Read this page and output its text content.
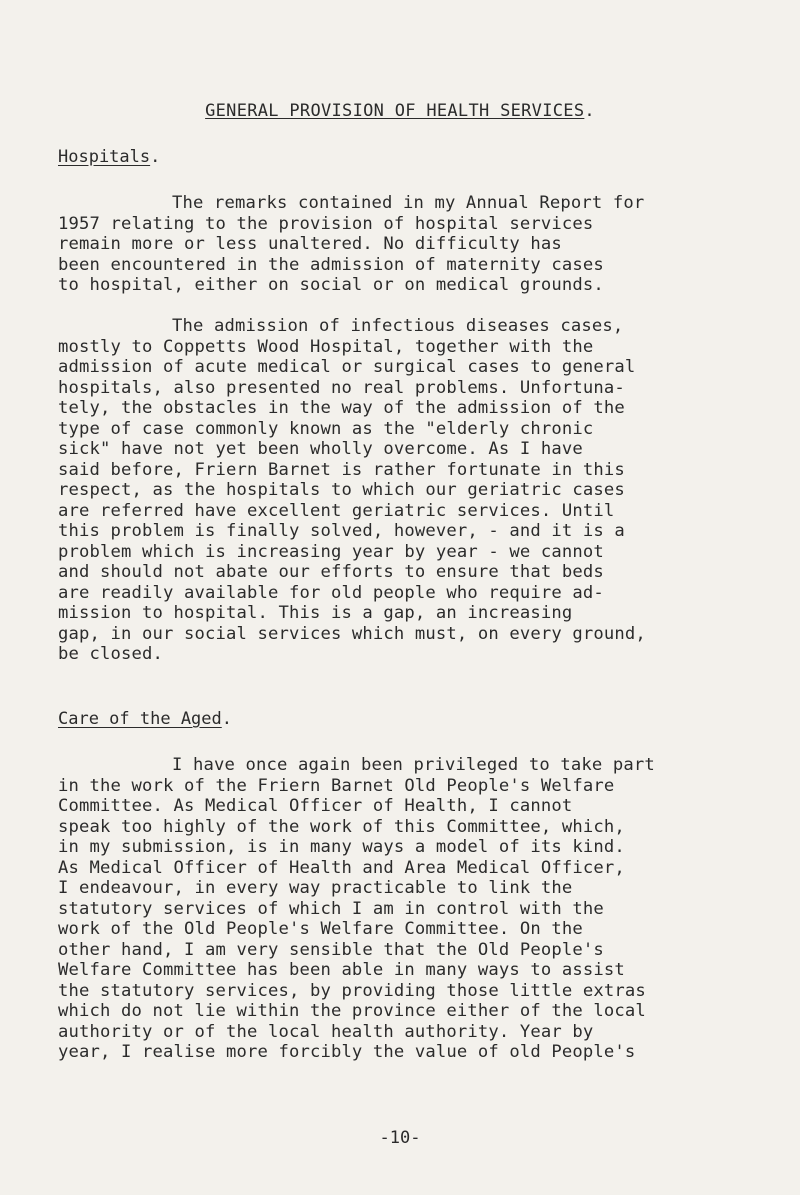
GENERAL PROVISION OF HEALTH SERVICES.
Hospitals.

The remarks contained in my Annual Report for
1957 relating to the provision of hospital services
remain more or less unaltered. No difficulty has
been encountered in the admission of maternity cases
to hospital, either on social or on medical grounds.

The admission of infectious diseases cases,
mostly to Coppetts Wood Hospital, together with the
admission of acute medical or surgical cases to general
hospitals, also presented no real problems. Unfortuna-
tely, the obstacles in the way of the admission of the
type of case commonly known as the "elderly chronic
sick" have not yet been wholly overcome. As I have
said before, Friern Barnet is rather fortunate in this
respect, as the hospitals to which our geriatric cases
are referred have excellent geriatric services. Until
this problem is finally solved, however, - and it is a
problem which is increasing year by year - we cannot
and should not abate our efforts to ensure that beds
are readily available for old people who require ad-
mission to hospital. This is a gap, an increasing
gap, in our social services which must, on every ground,
be closed.

Care of the Aged.

I have once again been privileged to take part
in the work of the Friern Barnet Old People's Welfare
Committee. As Medical Officer of Health, I cannot
speak too highly of the work of this Committee, which,
in my submission, is in many ways a model of its kind.
As Medical Officer of Health and Area Medical Officer,
I endeavour, in every way practicable to link the
statutory services of which I am in control with the
work of the Old People's Welfare Committee. On the
other hand, I am very sensible that the Old People's
Welfare Committee has been able in many ways to assist
the statutory services, by providing those little extras
which do not lie within the province either of the local
authority or of the local health authority. Year by
year, I realise more forcibly the value of old People's

-10-
